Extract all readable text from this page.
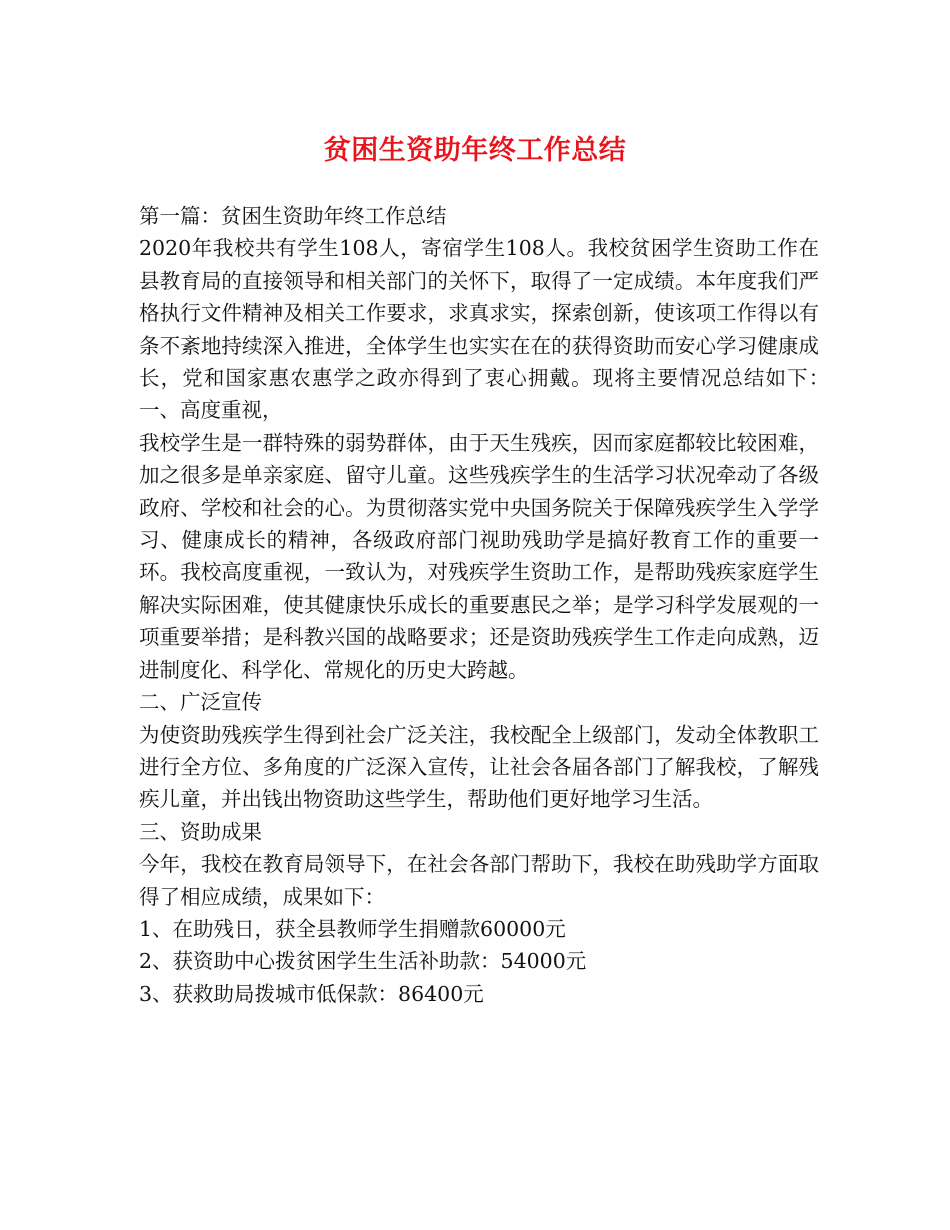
贫困生资助年终工作总结

第一篇：贫困生资助年终工作总结

2020年我校共有学生108人，寄宿学生108人。我校贫困学生资助工作在县教育局的直接领导和相关部门的关怀下，取得了一定成绩。本年度我们严格执行文件精神及相关工作要求，求真求实，探索创新，使该项工作得以有条不紊地持续深入推进，全体学生也实实在在的获得资助而安心学习健康成长，党和国家惠农惠学之政亦得到了衷心拥戴。现将主要情况总结如下：　一、高度重视，

我校学生是一群特殊的弱势群体，由于天生残疾，因而家庭都较比较困难，加之很多是单亲家庭、留守儿童。这些残疾学生的生活学习状况牵动了各级政府、学校和社会的心。为贯彻落实党中央国务院关于保障残疾学生入学学习、健康成长的精神，各级政府部门视助残助学是搞好教育工作的重要一环。我校高度重视，一致认为，对残疾学生资助工作，是帮助残疾家庭学生解决实际困难，使其健康快乐成长的重要惠民之举；是学习科学发展观的一项重要举措；是科教兴国的战略要求；还是资助残疾学生工作走向成熟，迈进制度化、科学化、常规化的历史大跨越。

二、广泛宣传

为使资助残疾学生得到社会广泛关注，我校配全上级部门，发动全体教职工进行全方位、多角度的广泛深入宣传，让社会各届各部门了解我校，了解残疾儿童，并出钱出物资助这些学生，帮助他们更好地学习生活。

三、资助成果

今年，我校在教育局领导下，在社会各部门帮助下，我校在助残助学方面取得了相应成绩，成果如下：

1、在助残日，获全县教师学生捐赠款60000元

2、获资助中心拨贫困学生生活补助款：54000元

3、获救助局拨城市低保款：86400元
